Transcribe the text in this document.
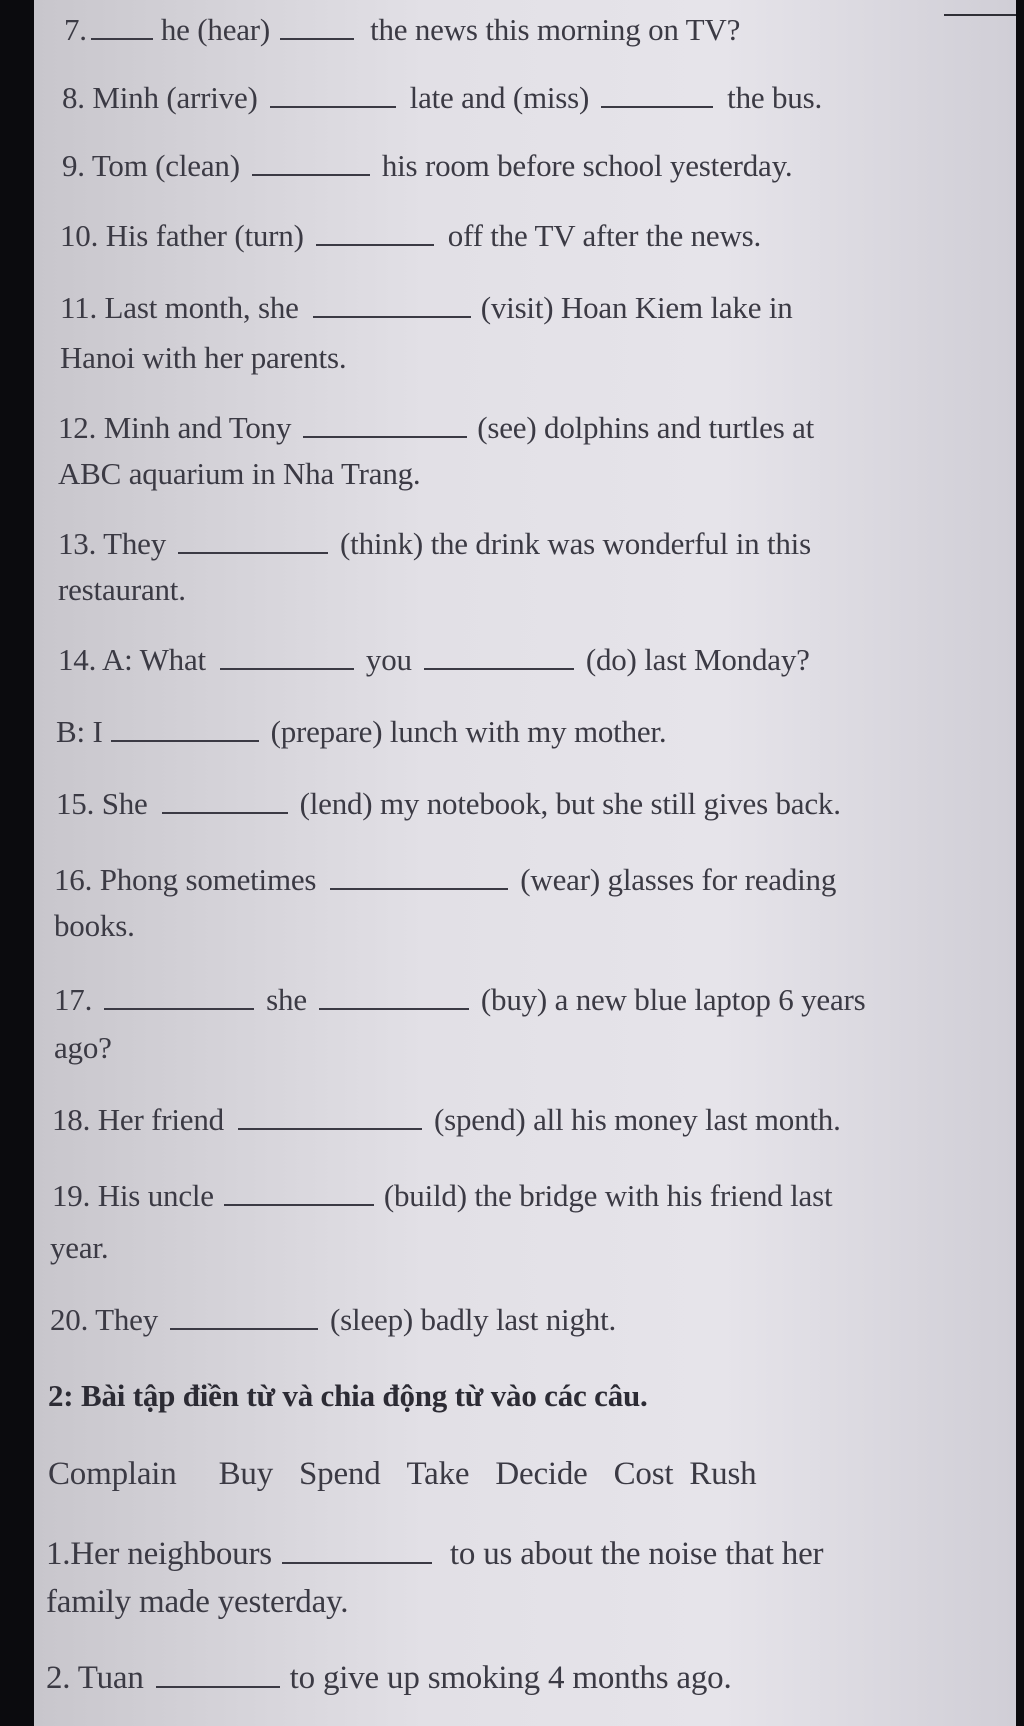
7. he (hear)	the news this morning on TV?
8. Minh (arrive)	late and (miss)	the bus.
9. Tom (clean)	his room before school yesterday.
10. His father (turn)	off the TV after the news.
11. Last month, she	(visit) Hoan Kiem lake in
Hanoi with her parents.
12. Minh and Tony	(see) dolphins and turtles at
ABC aquarium in Nha Trang.
13. They	(think) the drink was wonderful in this
restaurant.
14. A: What	you	(do) last Monday?
B: I	(prepare) lunch with my mother.
15. She	(lend) my notebook, but she still gives back.
16. Phong sometimes	(wear) glasses for reading
books.
17.	she	(buy) a new blue laptop 6 years
ago?
18. Her friend	(spend) all his money last month.
19. His uncle	(build) the bridge with his friend last
year.
20. They	(sleep) badly last night.
2: Bài tập điền từ và chia động từ vào các câu.
Complain Buy Spend Take Decide Cost Rush
1.Her neighbours	to us about the noise that her
family made yesterday.
2. Tuan	to give up smoking 4 months ago.
